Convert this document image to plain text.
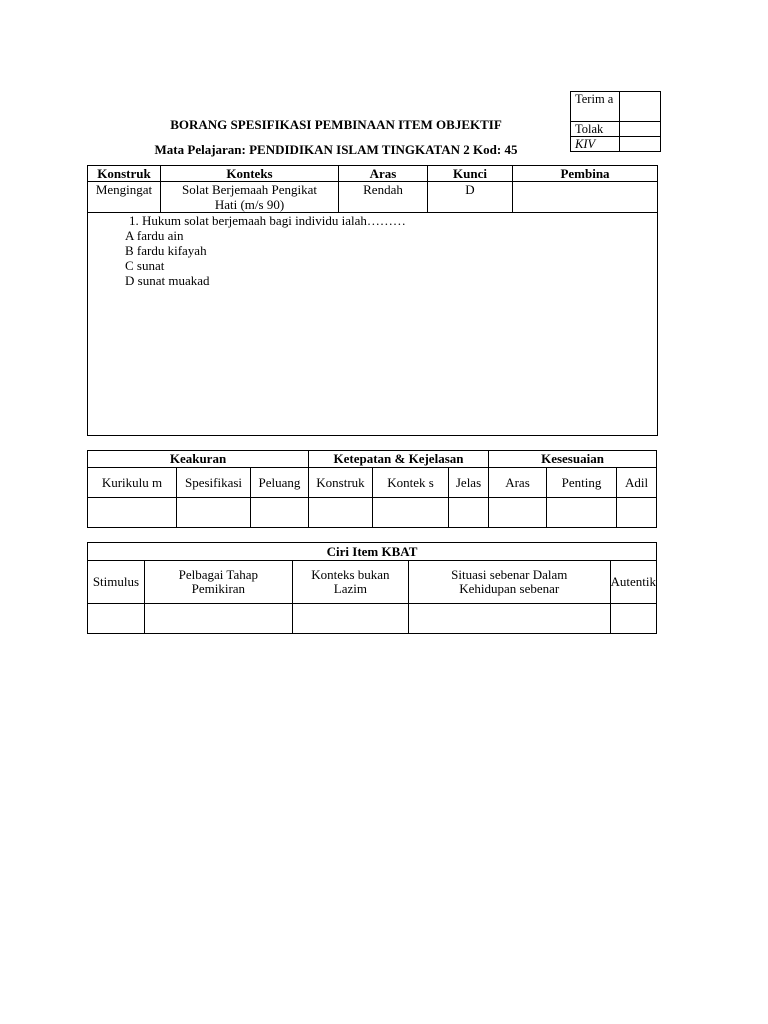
Terim a	
Tolak	
KIV	
BORANG SPESIFIKASI PEMBINAAN ITEM OBJEKTIF
Mata Pelajaran: PENDIDIKAN ISLAM TINGKATAN 2 Kod: 45
Konstruk	Konteks	Aras	Kunci	Pembina
Mengingat	Solat Berjemaah Pengikat Hati (m/s 90)	Rendah	D	

1. Hukum solat berjemaah bagi individu ialah………
A fardu ain
B fardu kifayah
C sunat
D sunat muakad				
Keakuran			Ketepatan & Kejelasan			Kesesuaian		
Kurikulu m	Spesifikasi	Peluang	Konstruk	Kontek s	Jelas	Aras	Penting	Adil

Ciri Item KBAT				
Stimulus	Pelbagai Tahap Pemikiran	Konteks bukan Lazim	Situasi sebenar Dalam Kehidupan sebenar	Autentik
